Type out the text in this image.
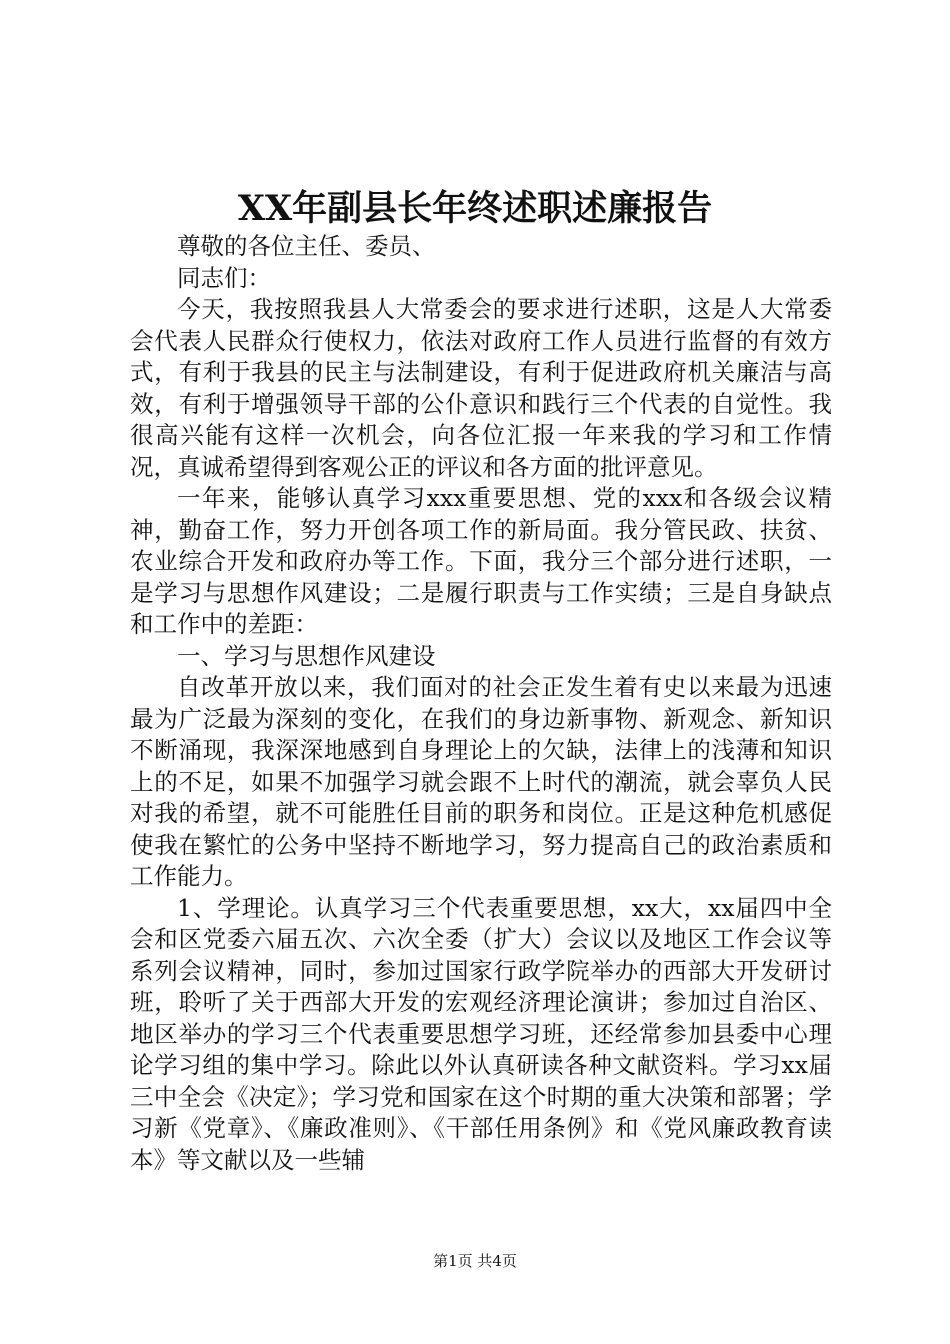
XX年副县长年终述职述廉报告

尊敬的各位主任、委员、

同志们：

今天，我按照我县人大常委会的要求进行述职，这是人大常委会代表人民群众行使权力，依法对政府工作人员进行监督的有效方式，有利于我县的民主与法制建设，有利于促进政府机关廉洁与高效，有利于增强领导干部的公仆意识和践行三个代表的自觉性。我很高兴能有这样一次机会，向各位汇报一年来我的学习和工作情况，真诚希望得到客观公正的评议和各方面的批评意见。

一年来，能够认真学习xxx重要思想、党的xxx和各级会议精神，勤奋工作，努力开创各项工作的新局面。我分管民政、扶贫、农业综合开发和政府办等工作。下面，我分三个部分进行述职，一是学习与思想作风建设；二是履行职责与工作实绩；三是自身缺点和工作中的差距：

一、学习与思想作风建设

自改革开放以来，我们面对的社会正发生着有史以来最为迅速最为广泛最为深刻的变化，在我们的身边新事物、新观念、新知识不断涌现，我深深地感到自身理论上的欠缺，法律上的浅薄和知识上的不足，如果不加强学习就会跟不上时代的潮流，就会辜负人民对我的希望，就不可能胜任目前的职务和岗位。正是这种危机感促使我在繁忙的公务中坚持不断地学习，努力提高自己的政治素质和工作能力。

1、学理论。认真学习三个代表重要思想，xx大，xx届四中全会和区党委六届五次、六次全委（扩大）会议以及地区工作会议等系列会议精神，同时，参加过国家行政学院举办的西部大开发研讨班，聆听了关于西部大开发的宏观经济理论演讲；参加过自治区、地区举办的学习三个代表重要思想学习班，还经常参加县委中心理论学习组的集中学习。除此以外认真研读各种文献资料。学习xx届三中全会《决定》；学习党和国家在这个时期的重大决策和部署；学习新《党章》、《廉政准则》、《干部任用条例》和《党风廉政教育读本》等文献以及一些辅

第1页 共4页
